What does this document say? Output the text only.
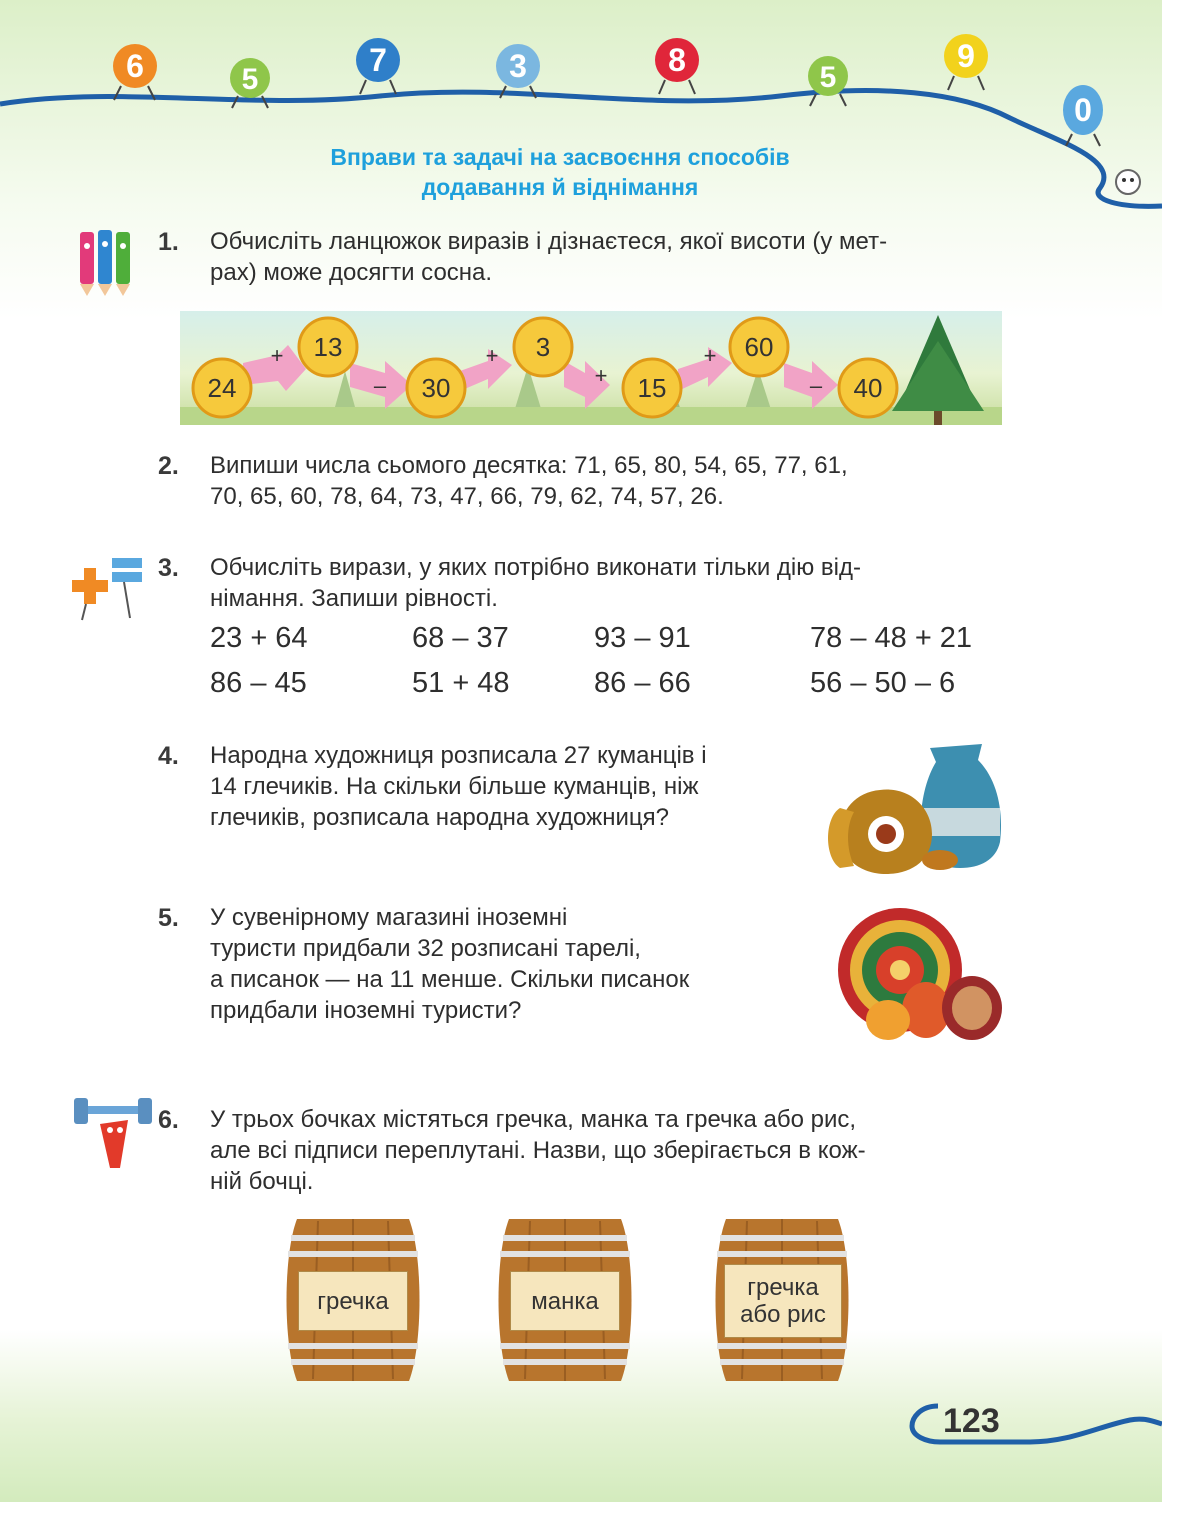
6	5
7	3	8	5
9
0
Вправи та задачі на засвоєння способів
додавання й віднімання
1. Обчисліть ланцюжок виразів і дізнаєтеся, якої висоти (у мет-
рах) може досягти сосна.
24
13
30
3
15
60
40
+
–
+
+
+
–
2. Випиши числа сьомого десятка: 71, 65, 80, 54, 65, 77, 61,
70, 65, 60, 78, 64, 73, 47, 66, 79, 62, 74, 57, 26.
3. Обчисліть вирази, у яких потрібно виконати тільки дію від-
німання. Запиши рівності.
23 + 64	68 – 37	93 – 91	78 – 48 + 21
86 – 45	51 + 48	86 – 66	56 – 50 – 6
4. Народна художниця розписала 27 куманців і
14 глечиків. На скільки більше куманців, ніж
глечиків, розписала народна художниця?
5. У сувенірному магазині іноземні
туристи придбали 32 розписані тарелі,
а писанок — на 11 менше. Скільки писанок
придбали іноземні туристи?
6. У трьох бочках містяться гречка, манка та гречка або рис,
але всі підписи переплутані. Назви, що зберігається в кож-
ній бочці.
гречка	манка	гречка
або рис
123
